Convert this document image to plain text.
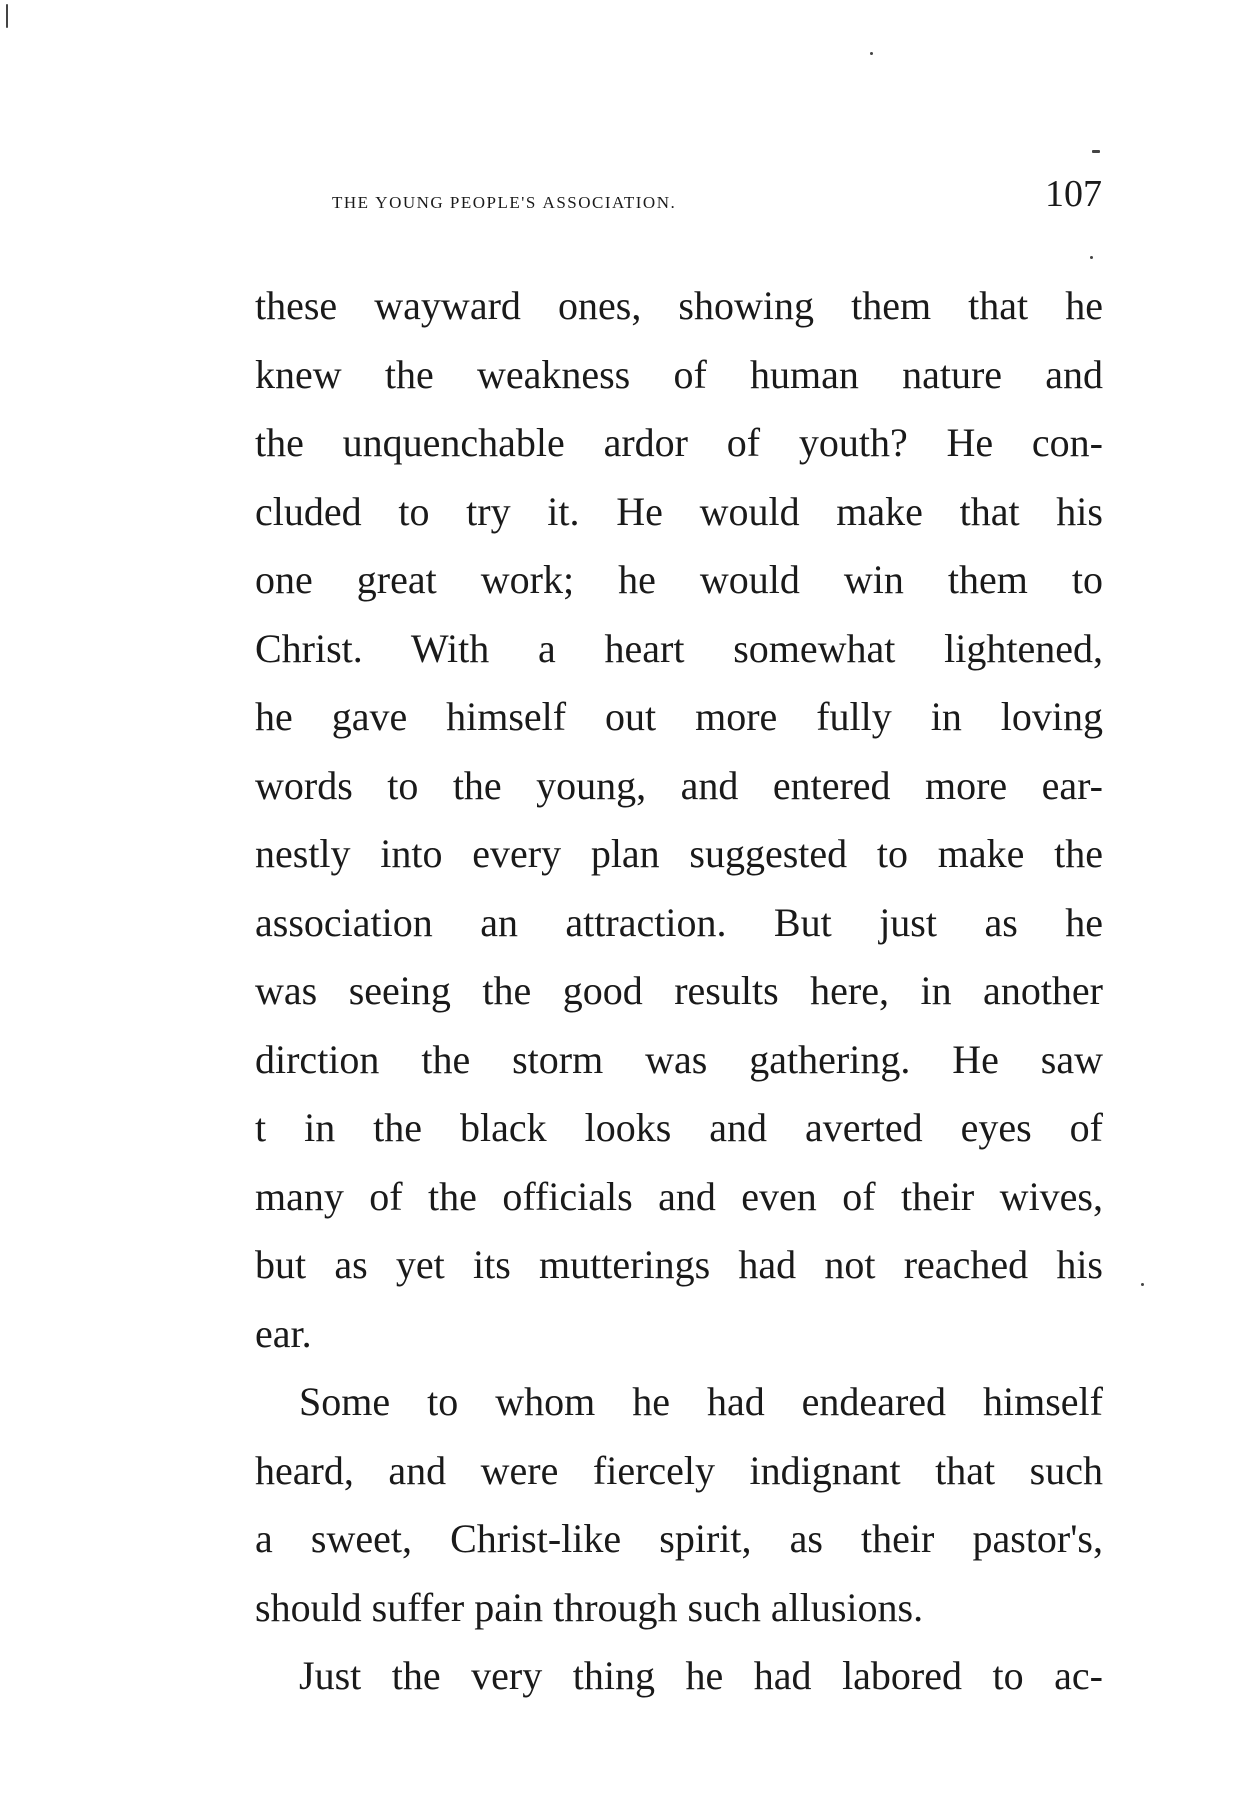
the young people's association.	107
these wayward ones, showing them that he
knew the weakness of human nature and
the unquenchable ardor of youth? He con-
cluded to try it. He would make that his
one great work; he would win them to
Christ. With a heart somewhat lightened,
he gave himself out more fully in loving
words to the young, and entered more ear-
nestly into every plan suggested to make the
association an attraction. But just as he
was seeing the good results here, in another
dirction the storm was gathering. He saw
t in the black looks and averted eyes of
many of the officials and even of their wives,
but as yet its mutterings had not reached his
ear.
Some to whom he had endeared himself
heard, and were fiercely indignant that such
a sweet, Christ-like spirit, as their pastor's,
should suffer pain through such allusions.
Just the very thing he had labored to ac-
